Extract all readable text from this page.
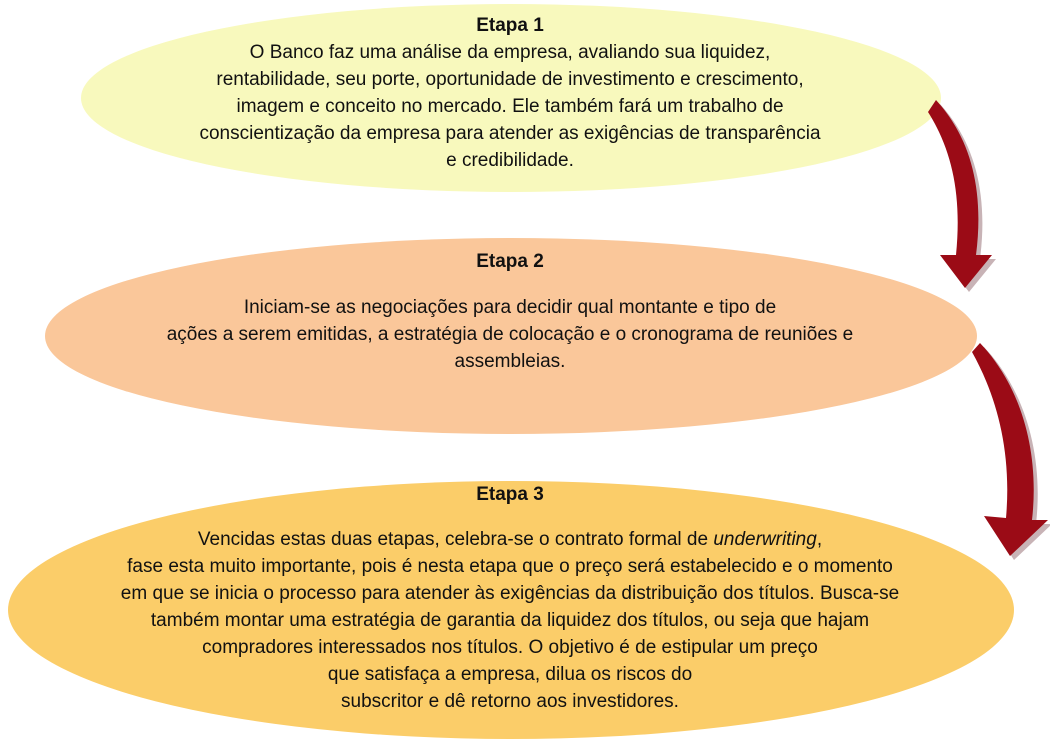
Etapa 1
O Banco faz uma análise da empresa, avaliando sua liquidez,
rentabilidade, seu porte, oportunidade de investimento e crescimento,
imagem e conceito no mercado. Ele também fará um trabalho de
conscientização da empresa para atender as exigências de transparência
e credibilidade.
Etapa 2
Iniciam-se as negociações para decidir qual montante e tipo de
ações a serem emitidas, a estratégia de colocação e o cronograma de reuniões e
assembleias.
Etapa 3
Vencidas estas duas etapas, celebra-se o contrato formal de underwriting,
fase esta muito importante, pois é nesta etapa que o preço será estabelecido e o momento
em que se inicia o processo para atender às exigências da distribuição dos títulos. Busca-se
também montar uma estratégia de garantia da liquidez dos títulos, ou seja que hajam
compradores interessados nos títulos. O objetivo é de estipular um preço
que satisfaça a empresa, dilua os riscos do
subscritor e dê retorno aos investidores.
